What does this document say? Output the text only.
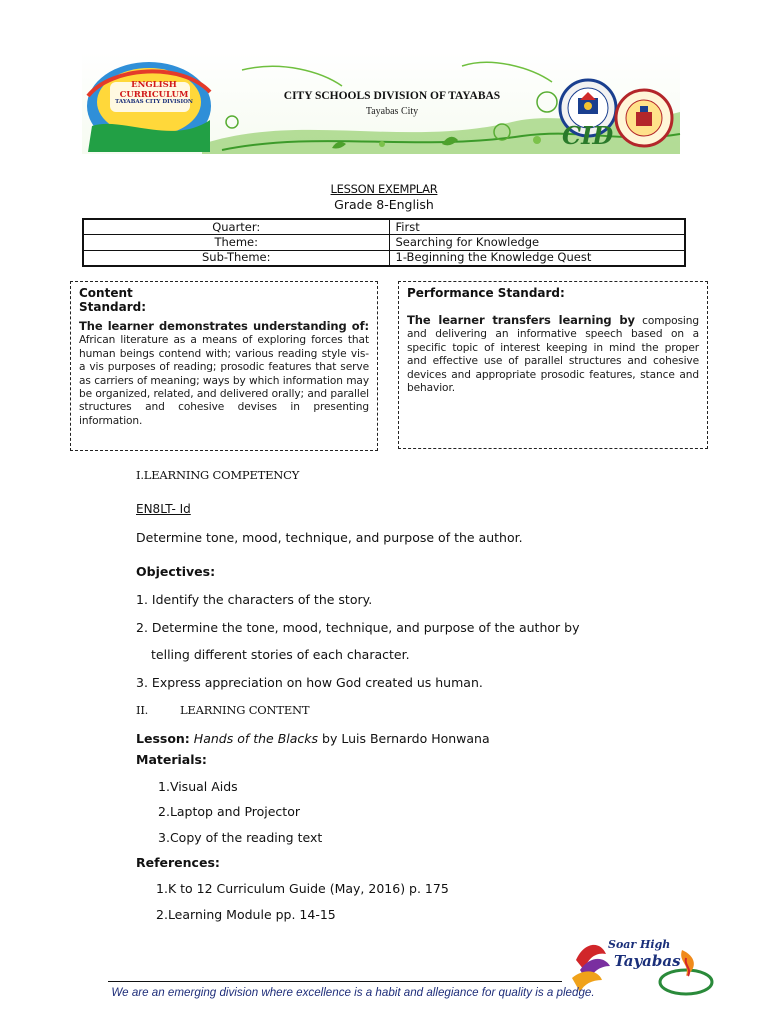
ENGLISH CURRICULUM
TAYABAS CITY DIVISION	CITY SCHOOLS DIVISION OF TAYABAS
Tayabas City
CID
LESSON EXEMPLAR
Grade 8-English
Quarter:	First
Theme:	Searching for Knowledge
Sub-Theme:	1-Beginning the Knowledge Quest
Content
Standard:
The learner demonstrates understanding of: African literature as a means of exploring forces that human beings contend with; various reading style vis- a vis purposes of reading; prosodic features that serve as carriers of meaning; ways by which information may be organized, related, and delivered orally; and parallel structures and cohesive devises in presenting information.
Performance Standard:
The learner transfers learning by composing and delivering an informative speech based on a specific topic of interest keeping in mind the proper and effective use of parallel structures and cohesive devices and appropriate prosodic features, stance and behavior.
I.LEARNING COMPETENCY
EN8LT- Id
Determine tone, mood, technique, and purpose of the author.
Objectives:
1. Identify the characters of the story.
2. Determine the tone, mood, technique, and purpose of the author by
telling different stories of each character.
3. Express appreciation on how God created us human.
II.	LEARNING CONTENT
Lesson: Hands of the Blacks by Luis Bernardo Honwana
Materials:
1.Visual Aids
2.Laptop and Projector
3.Copy of the reading text
References:
1.K to 12 Curriculum Guide (May, 2016) p. 175
2.Learning Module pp. 14-15
Soar High
Tayabas
We are an emerging division where excellence is a habit and allegiance for quality is a pledge.
